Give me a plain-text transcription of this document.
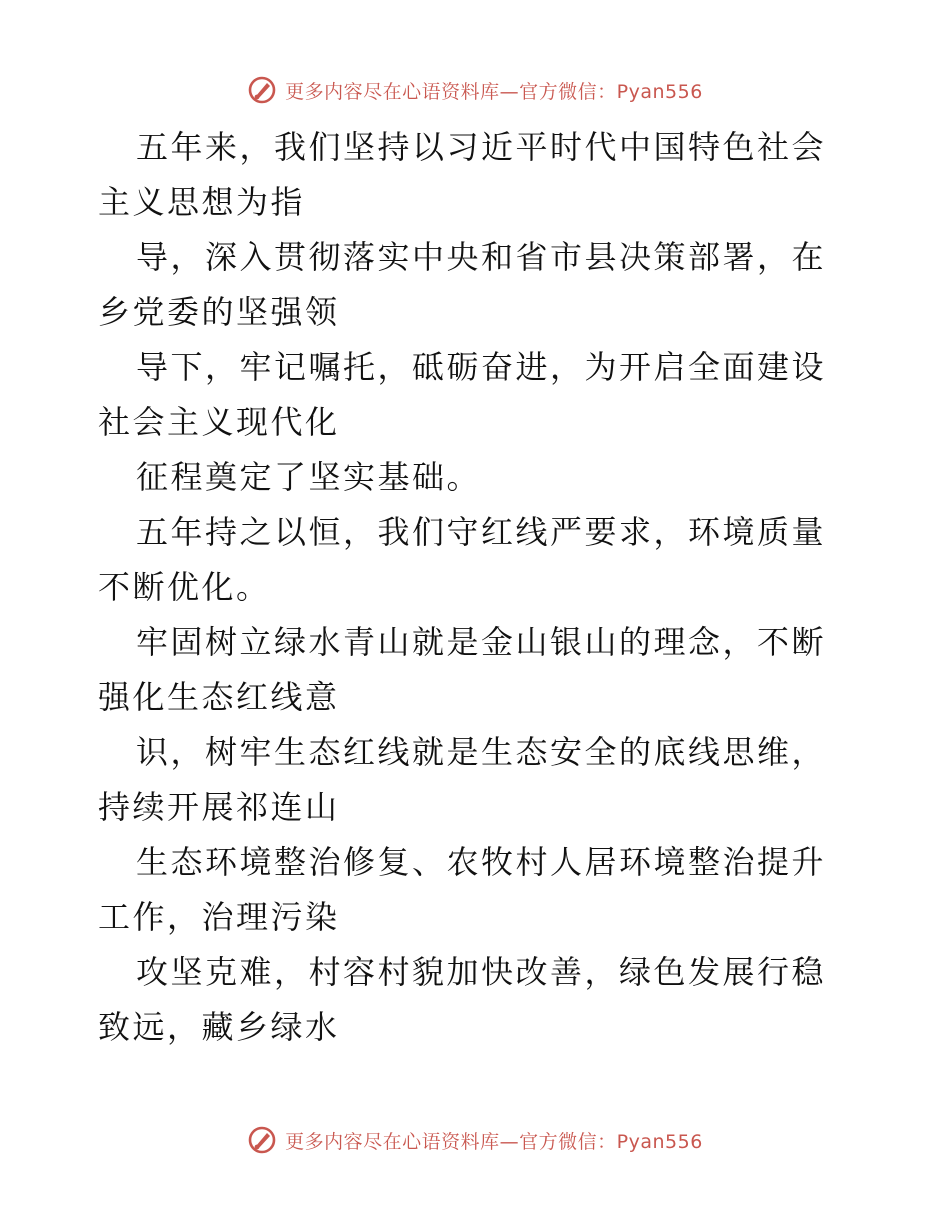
更多内容尽在心语资料库—官方微信：Pyan556

五年来，我们坚持以习近平时代中国特色社会主义思想为指

导，深入贯彻落实中央和省市县决策部署，在乡党委的坚强领

导下，牢记嘱托，砥砺奋进，为开启全面建设社会主义现代化

征程奠定了坚实基础。

五年持之以恒，我们守红线严要求，环境质量不断优化。

牢固树立绿水青山就是金山银山的理念，不断强化生态红线意

识，树牢生态红线就是生态安全的底线思维，持续开展祁连山

生态环境整治修复、农牧村人居环境整治提升工作，治理污染

攻坚克难，村容村貌加快改善，绿色发展行稳致远，藏乡绿水

更多内容尽在心语资料库—官方微信：Pyan556
